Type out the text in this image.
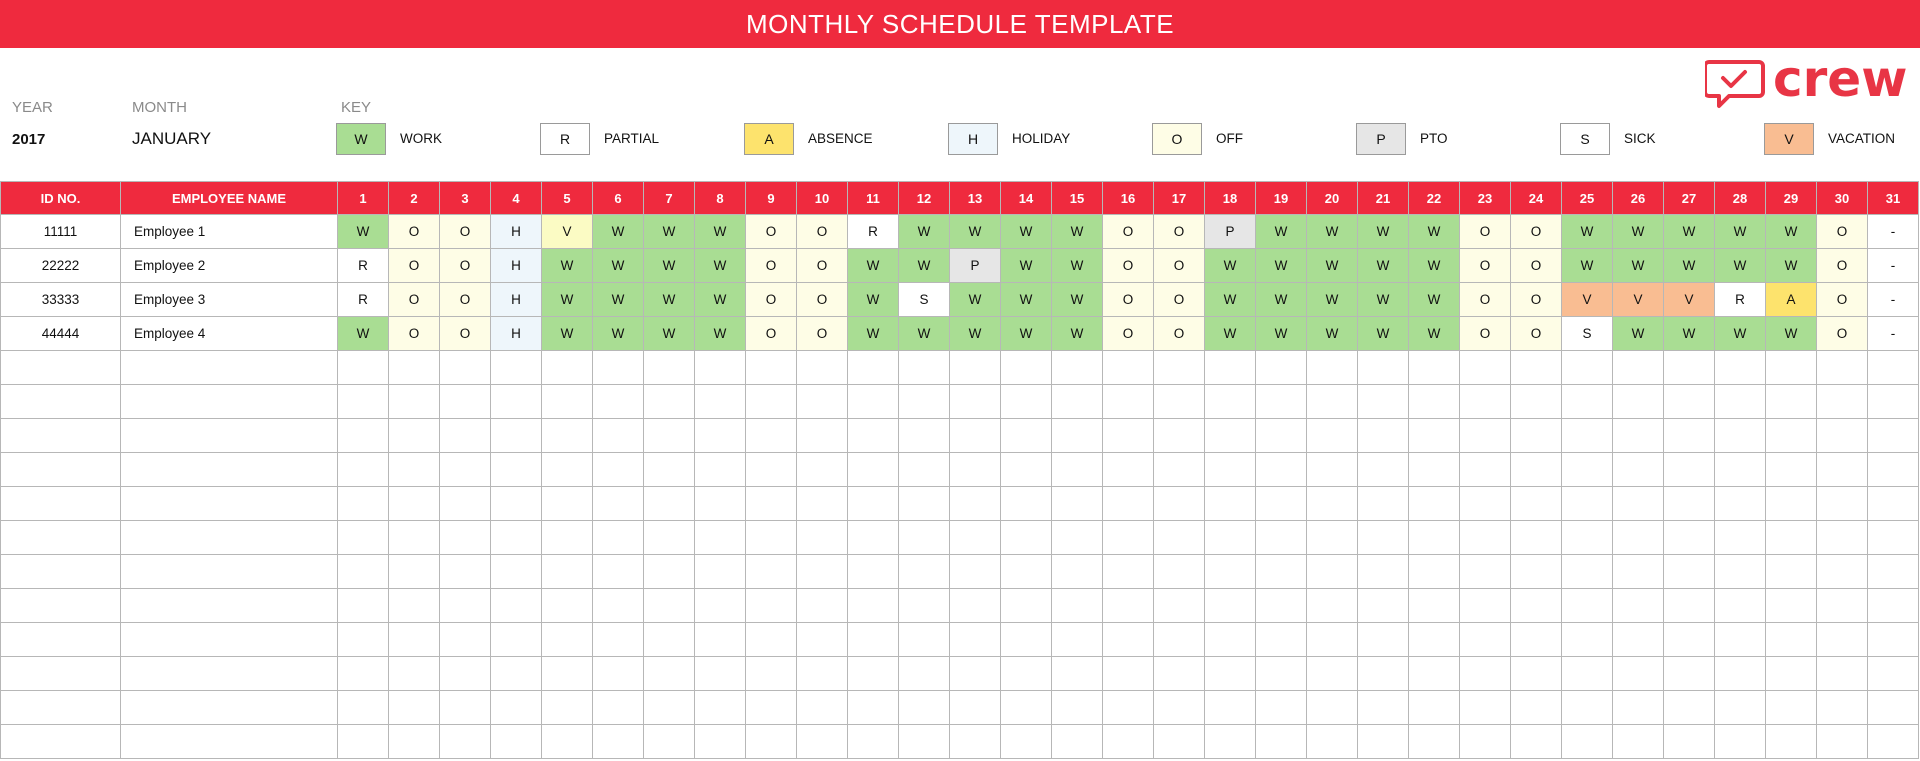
MONTHLY SCHEDULE TEMPLATE
YEAR
2017
MONTH
JANUARY
KEY
W	WORK	R	PARTIAL	A	ABSENCE	H	HOLIDAY	O	OFF	P	PTO	S	SICK	V	VACATION
crew
ID NO.	EMPLOYEE NAME	1	2	3	4	5	6	7	8	9	10	11	12	13	14	15	16	17	18	19	20	21	22	23	24	25	26	27	28	29	30	31
11111	Employee 1	W	O	O	H	V	W	W	W	O	O	R	W	W	W	W	O	O	P	W	W	W	W	O	O	W	W	W	W	W	O	-
22222	Employee 2	R	O	O	H	W	W	W	W	O	O	W	W	P	W	W	O	O	W	W	W	W	W	O	O	W	W	W	W	W	O	-
33333	Employee 3	R	O	O	H	W	W	W	W	O	O	W	S	W	W	W	O	O	W	W	W	W	W	O	O	V	V	V	R	A	O	-
44444	Employee 4	W	O	O	H	W	W	W	W	O	O	W	W	W	W	W	O	O	W	W	W	W	W	O	O	S	W	W	W	W	O	-
